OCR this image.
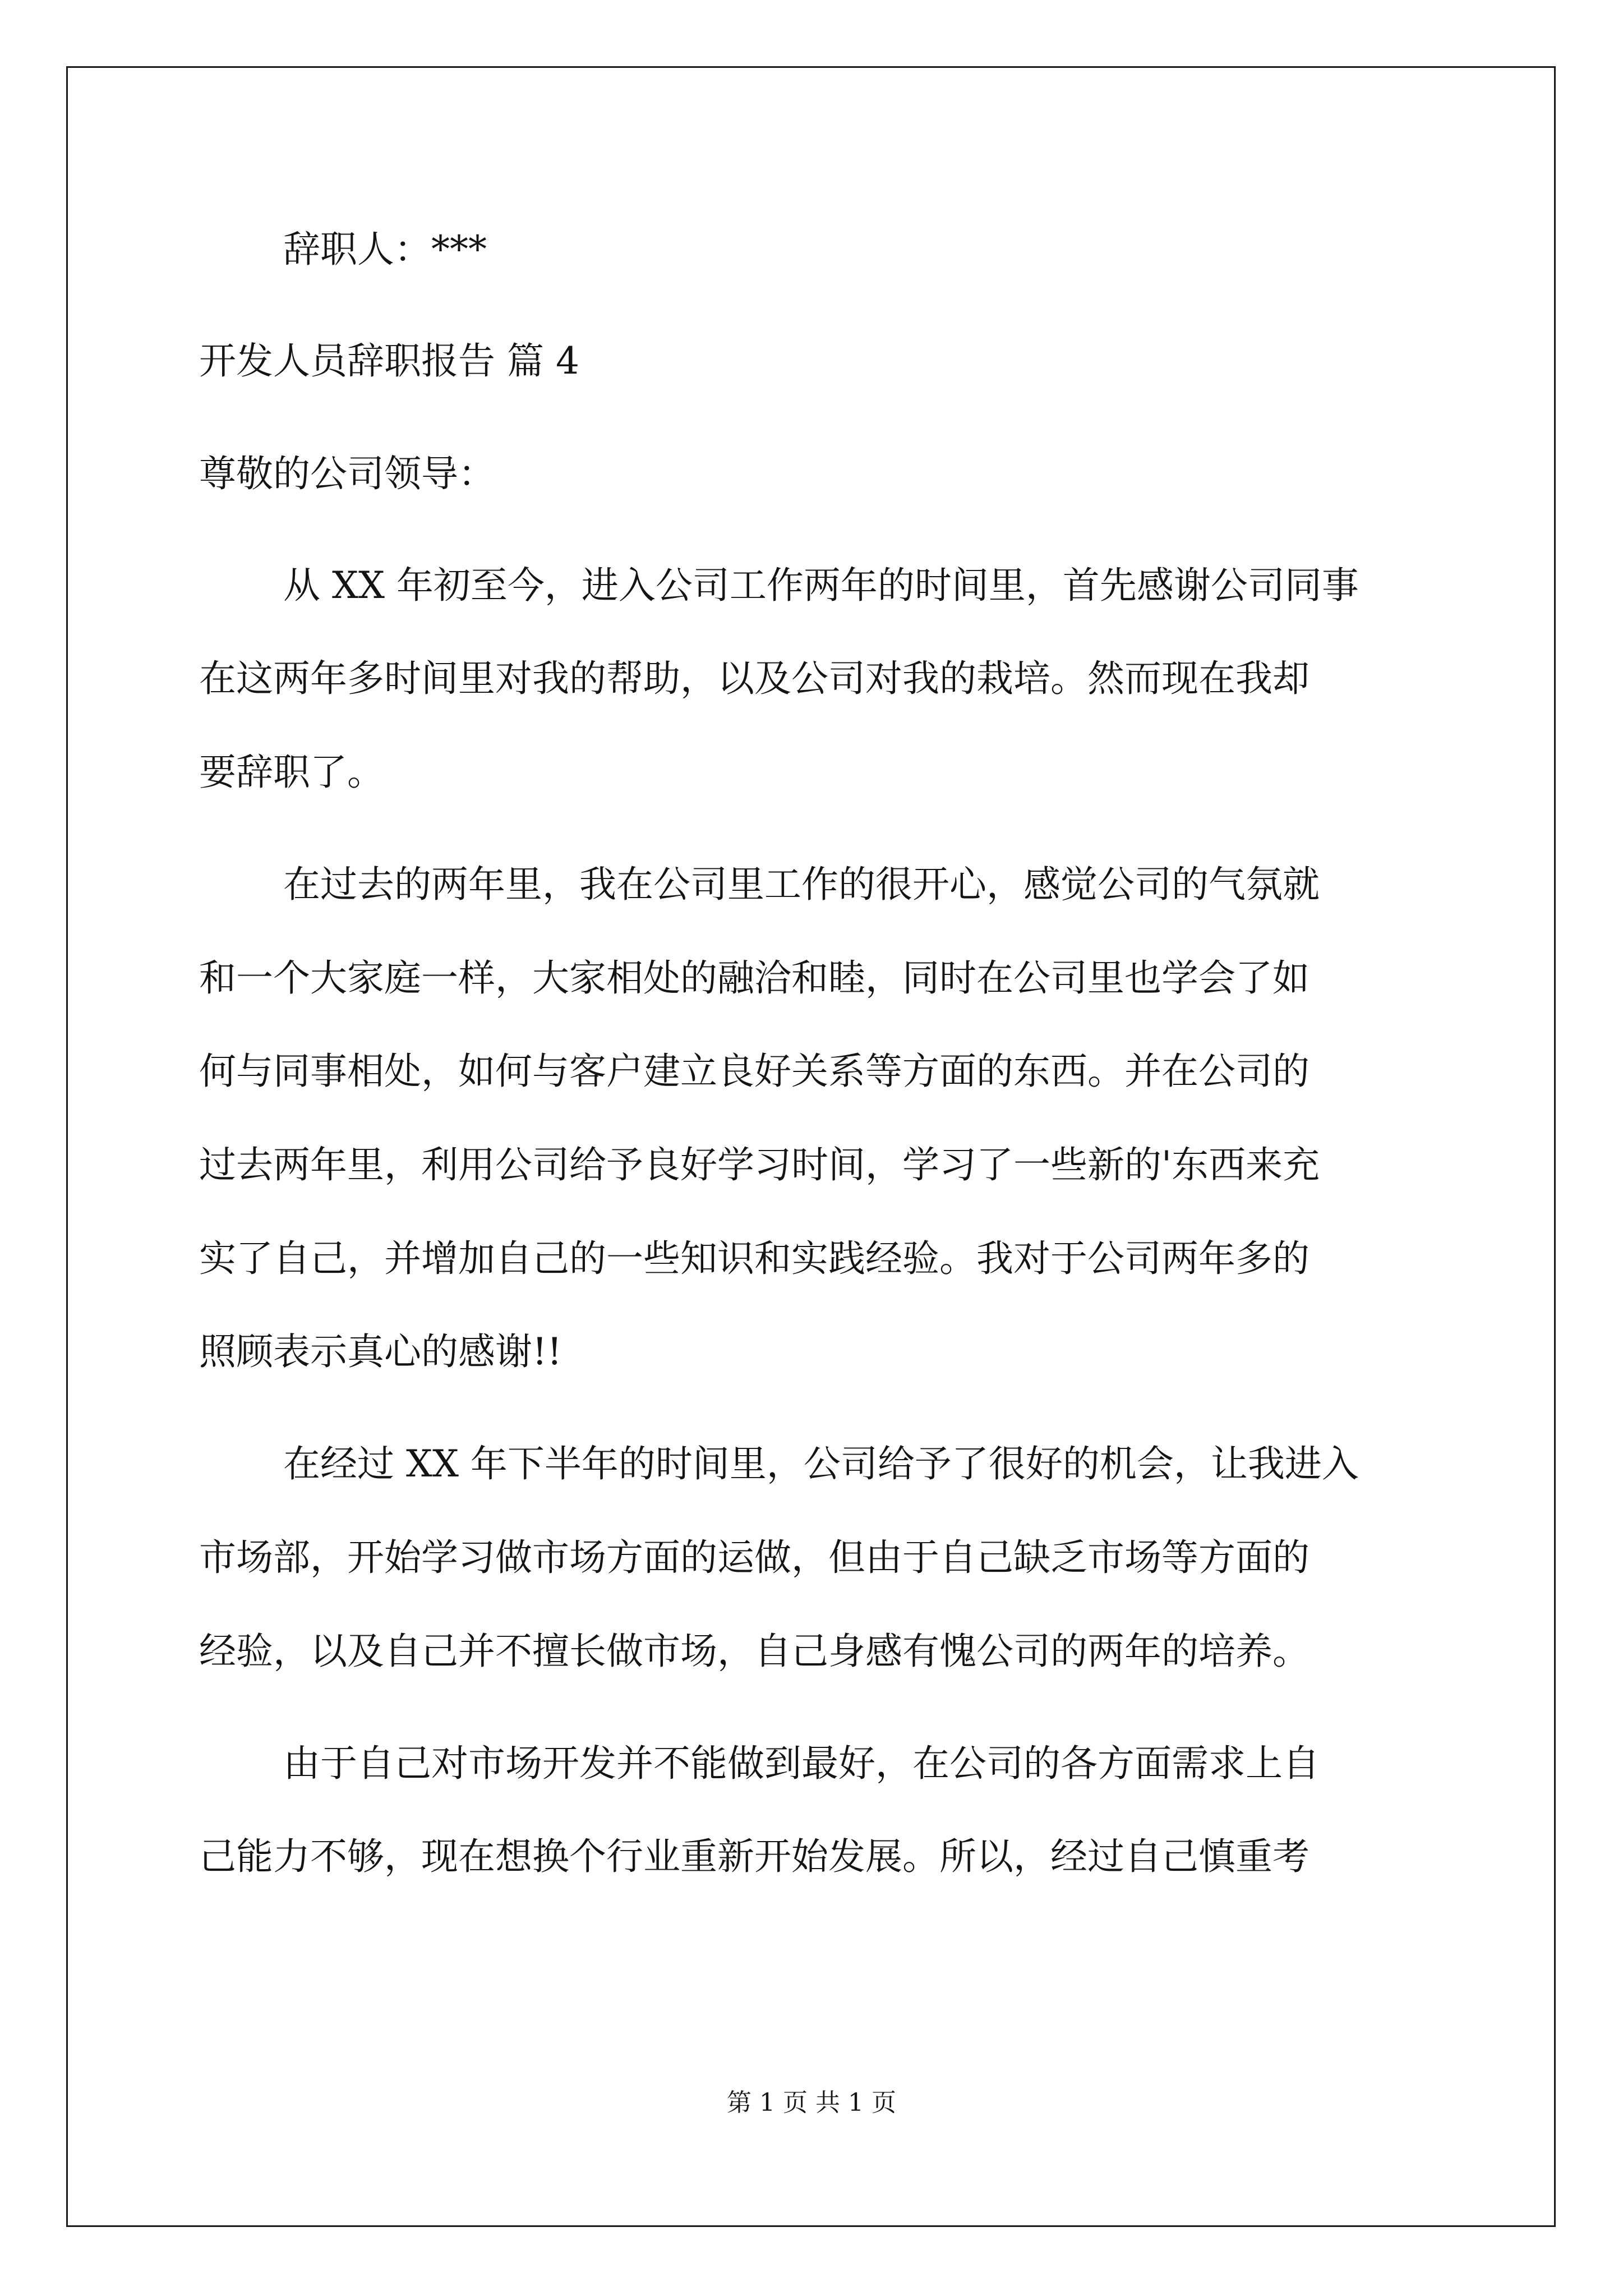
辞职人：***
开发人员辞职报告 篇 4
尊敬的公司领导：
从 XX 年初至今，进入公司工作两年的时间里，首先感谢公司同事
在这两年多时间里对我的帮助，以及公司对我的栽培。然而现在我却
要辞职了。
在过去的两年里，我在公司里工作的很开心，感觉公司的气氛就
和一个大家庭一样，大家相处的融洽和睦，同时在公司里也学会了如
何与同事相处，如何与客户建立良好关系等方面的东西。并在公司的
过去两年里，利用公司给予良好学习时间，学习了一些新的'东西来充
实了自己，并增加自己的一些知识和实践经验。我对于公司两年多的
照顾表示真心的感谢!!
在经过 XX 年下半年的时间里，公司给予了很好的机会，让我进入
市场部，开始学习做市场方面的运做，但由于自己缺乏市场等方面的
经验，以及自己并不擅长做市场，自己身感有愧公司的两年的培养。
由于自己对市场开发并不能做到最好，在公司的各方面需求上自
己能力不够，现在想换个行业重新开始发展。所以，经过自己慎重考
第 1 页 共 1 页
